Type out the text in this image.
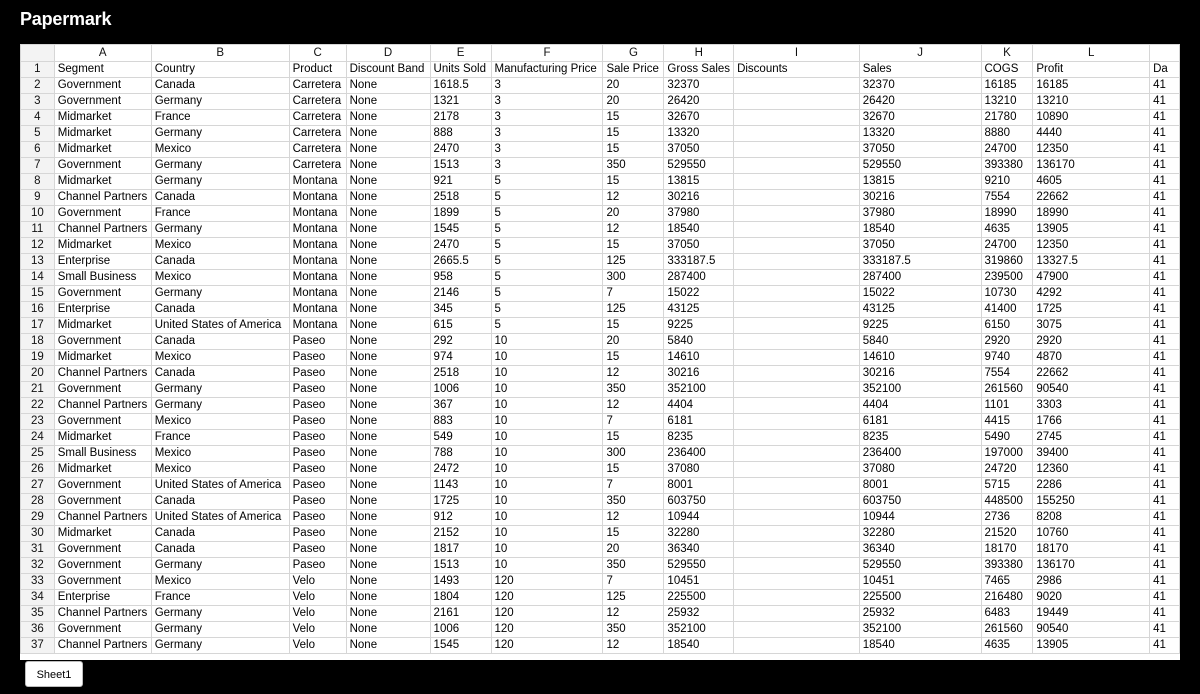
Papermark
	A	B	C	D	E	F	G	H	I	J	K	L	
1	Segment	Country	Product	Discount Band	Units Sold	Manufacturing Price	Sale Price	Gross Sales	Discounts	Sales	COGS	Profit	Da
2	Government	Canada	Carretera	None	1618.5	3	20	32370		32370	16185	16185	41
3	Government	Germany	Carretera	None	1321	3	20	26420		26420	13210	13210	41
4	Midmarket	France	Carretera	None	2178	3	15	32670		32670	21780	10890	41
5	Midmarket	Germany	Carretera	None	888	3	15	13320		13320	8880	4440	41
6	Midmarket	Mexico	Carretera	None	2470	3	15	37050		37050	24700	12350	41
7	Government	Germany	Carretera	None	1513	3	350	529550		529550	393380	136170	41
8	Midmarket	Germany	Montana	None	921	5	15	13815		13815	9210	4605	41
9	Channel Partners	Canada	Montana	None	2518	5	12	30216		30216	7554	22662	41
10	Government	France	Montana	None	1899	5	20	37980		37980	18990	18990	41
11	Channel Partners	Germany	Montana	None	1545	5	12	18540		18540	4635	13905	41
12	Midmarket	Mexico	Montana	None	2470	5	15	37050		37050	24700	12350	41
13	Enterprise	Canada	Montana	None	2665.5	5	125	333187.5		333187.5	319860	13327.5	41
14	Small Business	Mexico	Montana	None	958	5	300	287400		287400	239500	47900	41
15	Government	Germany	Montana	None	2146	5	7	15022		15022	10730	4292	41
16	Enterprise	Canada	Montana	None	345	5	125	43125		43125	41400	1725	41
17	Midmarket	United States of America	Montana	None	615	5	15	9225		9225	6150	3075	41
18	Government	Canada	Paseo	None	292	10	20	5840		5840	2920	2920	41
19	Midmarket	Mexico	Paseo	None	974	10	15	14610		14610	9740	4870	41
20	Channel Partners	Canada	Paseo	None	2518	10	12	30216		30216	7554	22662	41
21	Government	Germany	Paseo	None	1006	10	350	352100		352100	261560	90540	41
22	Channel Partners	Germany	Paseo	None	367	10	12	4404		4404	1101	3303	41
23	Government	Mexico	Paseo	None	883	10	7	6181		6181	4415	1766	41
24	Midmarket	France	Paseo	None	549	10	15	8235		8235	5490	2745	41
25	Small Business	Mexico	Paseo	None	788	10	300	236400		236400	197000	39400	41
26	Midmarket	Mexico	Paseo	None	2472	10	15	37080		37080	24720	12360	41
27	Government	United States of America	Paseo	None	1143	10	7	8001		8001	5715	2286	41
28	Government	Canada	Paseo	None	1725	10	350	603750		603750	448500	155250	41
29	Channel Partners	United States of America	Paseo	None	912	10	12	10944		10944	2736	8208	41
30	Midmarket	Canada	Paseo	None	2152	10	15	32280		32280	21520	10760	41
31	Government	Canada	Paseo	None	1817	10	20	36340		36340	18170	18170	41
32	Government	Germany	Paseo	None	1513	10	350	529550		529550	393380	136170	41
33	Government	Mexico	Velo	None	1493	120	7	10451		10451	7465	2986	41
34	Enterprise	France	Velo	None	1804	120	125	225500		225500	216480	9020	41
35	Channel Partners	Germany	Velo	None	2161	120	12	25932		25932	6483	19449	41
36	Government	Germany	Velo	None	1006	120	350	352100		352100	261560	90540	41
37	Channel Partners	Germany	Velo	None	1545	120	12	18540		18540	4635	13905	41
Sheet1
